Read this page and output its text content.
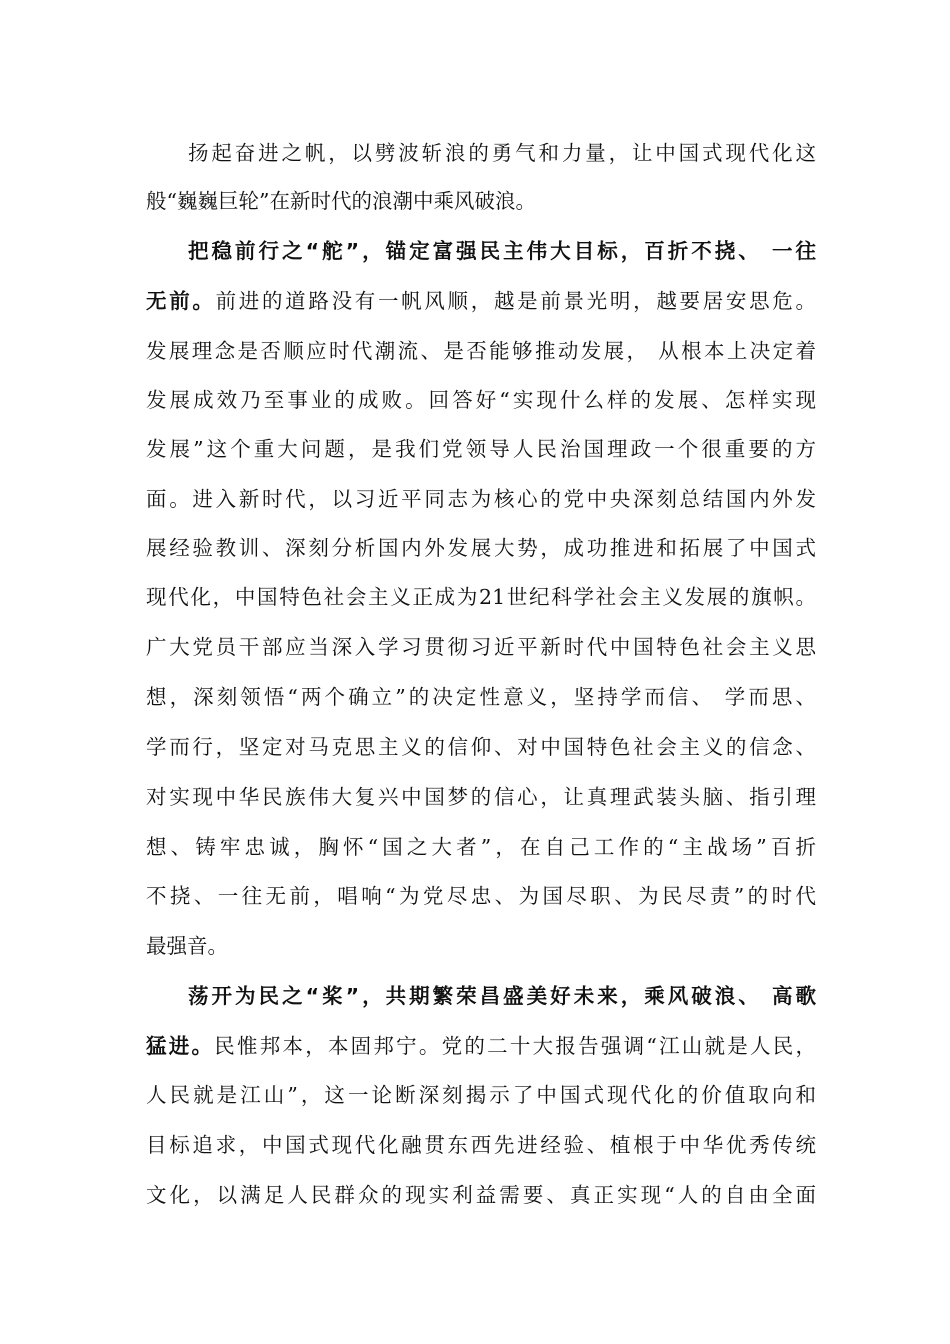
扬起奋进之帆，以劈波斩浪的勇气和力量，让中国式现代化这
般“巍巍巨轮”在新时代的浪潮中乘风破浪。
把稳前行之“舵”，锚定富强民主伟大目标，百折不挠、 一往
无前。前进的道路没有一帆风顺，越是前景光明，越要居安思危。
发展理念是否顺应时代潮流、是否能够推动发展， 从根本上决定着
发展成效乃至事业的成败。回答好“实现什么样的发展、怎样实现
发展”这个重大问题，是我们党领导人民治国理政一个很重要的方
面。进入新时代，以习近平同志为核心的党中央深刻总结国内外发
展经验教训、深刻分析国内外发展大势，成功推进和拓展了中国式
现代化，中国特色社会主义正成为21世纪科学社会主义发展的旗帜。
广大党员干部应当深入学习贯彻习近平新时代中国特色社会主义思
想，深刻领悟“两个确立”的决定性意义，坚持学而信、 学而思、
学而行，坚定对马克思主义的信仰、对中国特色社会主义的信念、
对实现中华民族伟大复兴中国梦的信心，让真理武装头脑、指引理
想、铸牢忠诚，胸怀“国之大者”，在自己工作的“主战场”百折
不挠、一往无前，唱响“为党尽忠、为国尽职、为民尽责”的时代
最强音。
荡开为民之“桨”，共期繁荣昌盛美好未来，乘风破浪、 高歌
猛进。民惟邦本，本固邦宁。党的二十大报告强调“江山就是人民，
人民就是江山”，这一论断深刻揭示了中国式现代化的价值取向和
目标追求，中国式现代化融贯东西先进经验、植根于中华优秀传统
文化，以满足人民群众的现实利益需要、真正实现“人的自由全面
